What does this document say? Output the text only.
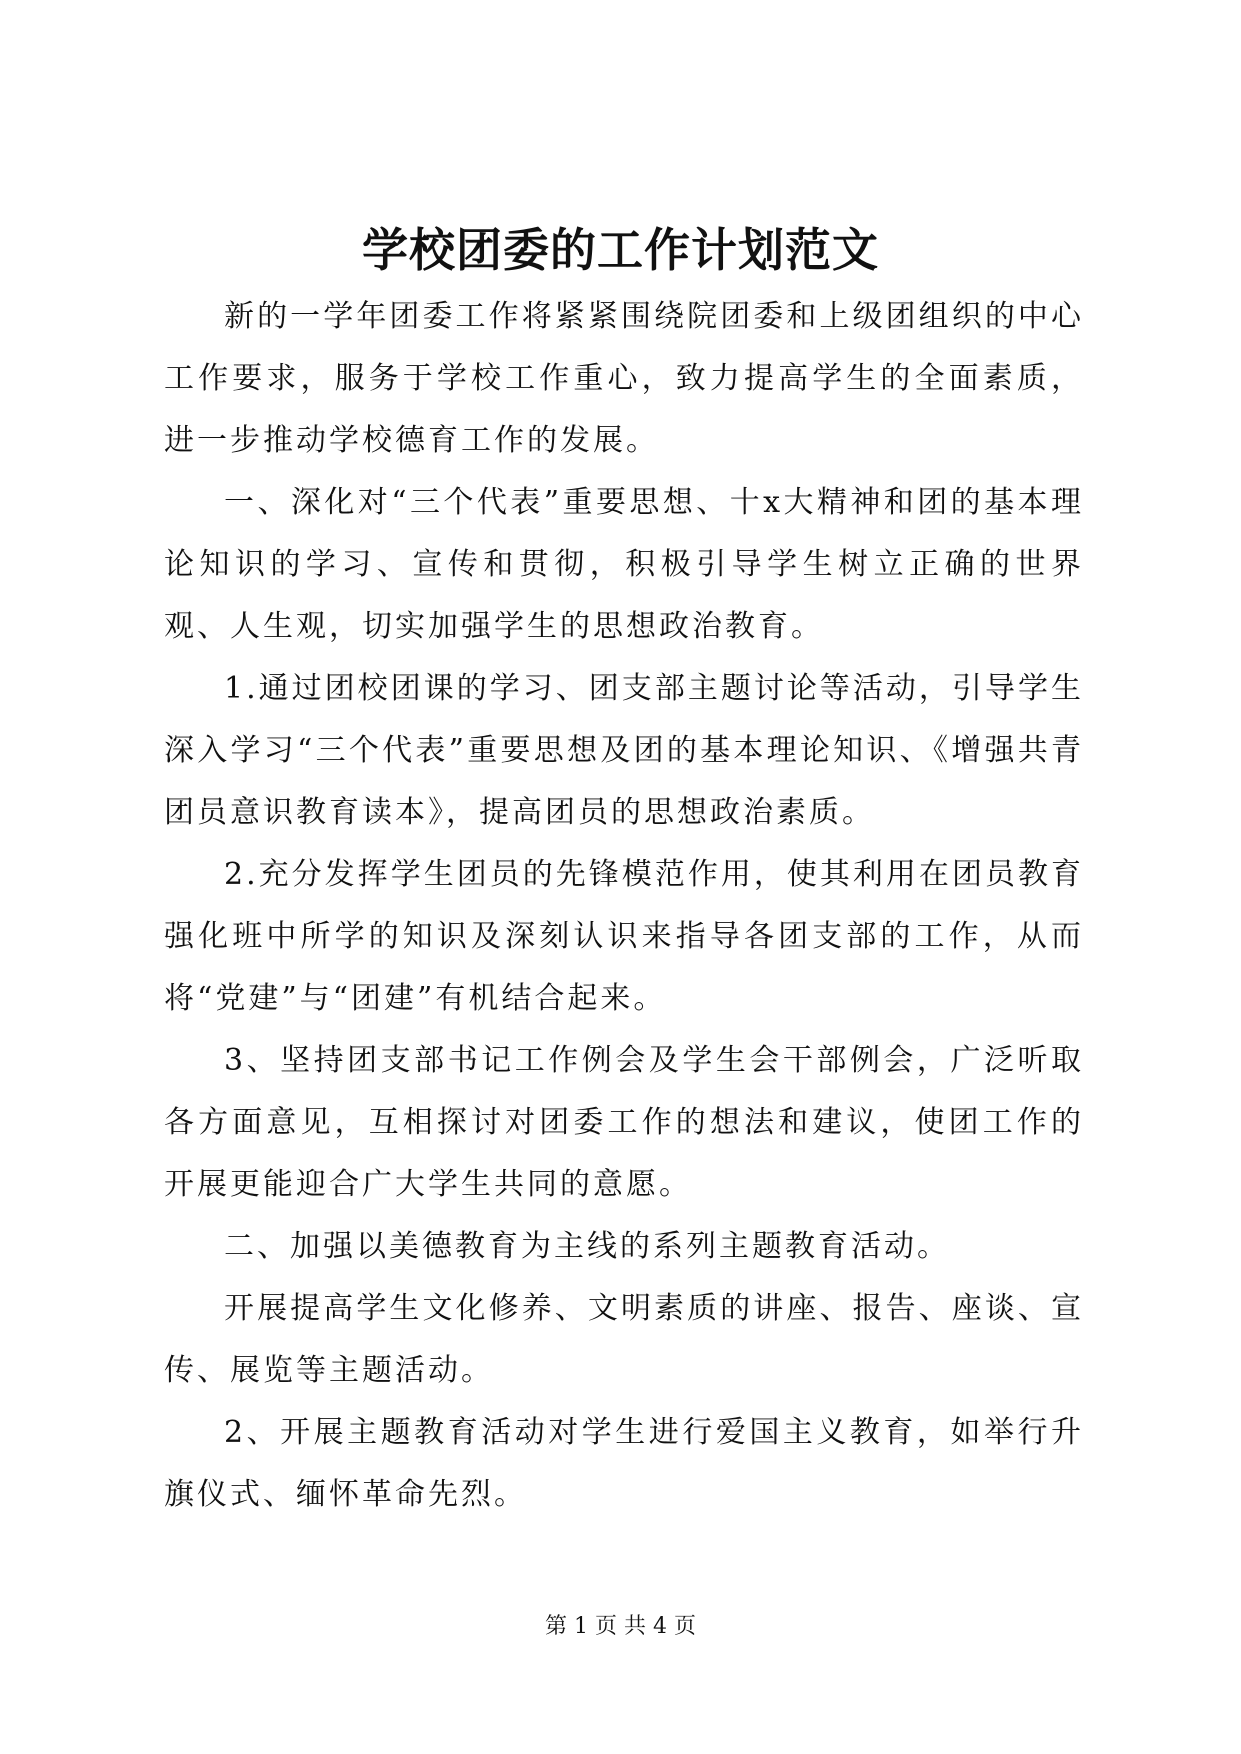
学校团委的工作计划范文

新的一学年团委工作将紧紧围绕院团委和上级团组织的中心工作要求，服务于学校工作重心，致力提高学生的全面素质，进一步推动学校德育工作的发展。

一、深化对“三个代表”重要思想、十x大精神和团的基本理论知识的学习、宣传和贯彻，积极引导学生树立正确的世界观、人生观，切实加强学生的思想政治教育。

1.通过团校团课的学习、团支部主题讨论等活动，引导学生深入学习“三个代表”重要思想及团的基本理论知识、《增强共青团员意识教育读本》，提高团员的思想政治素质。

2.充分发挥学生团员的先锋模范作用，使其利用在团员教育强化班中所学的知识及深刻认识来指导各团支部的工作，从而将“党建”与“团建”有机结合起来。

3、坚持团支部书记工作例会及学生会干部例会，广泛听取各方面意见，互相探讨对团委工作的想法和建议，使团工作的开展更能迎合广大学生共同的意愿。

二、加强以美德教育为主线的系列主题教育活动。

开展提高学生文化修养、文明素质的讲座、报告、座谈、宣传、展览等主题活动。

2、开展主题教育活动对学生进行爱国主义教育，如举行升旗仪式、缅怀革命先烈。

第 1 页 共 4 页
